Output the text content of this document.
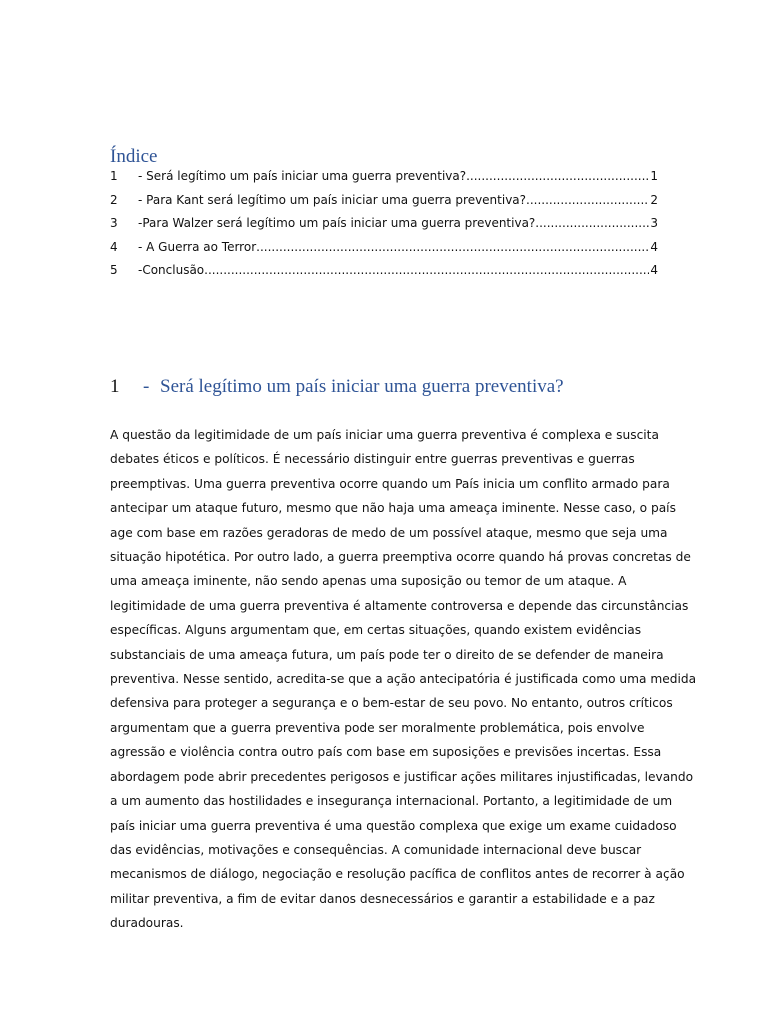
Índice
1	- Será legítimo um país iniciar uma guerra preventiva? .....	1
2	- Para Kant será legítimo um país iniciar uma guerra preventiva? .....	2
3	-Para Walzer será legítimo um país iniciar uma guerra preventiva? .....	3
4	- A Guerra ao Terror .....	4
5	-Conclusão .....	4
1 - Será legítimo um país iniciar uma guerra preventiva?
A questão da legitimidade de um país iniciar uma guerra preventiva é complexa e suscita
debates éticos e políticos. É necessário distinguir entre guerras preventivas e guerras
preemptivas. Uma guerra preventiva ocorre quando um País inicia um conflito armado para
antecipar um ataque futuro, mesmo que não haja uma ameaça iminente. Nesse caso, o país
age com base em razões geradoras de medo de um possível ataque, mesmo que seja uma
situação hipotética. Por outro lado, a guerra preemptiva ocorre quando há provas concretas de
uma ameaça iminente, não sendo apenas uma suposição ou temor de um ataque. A
legitimidade de uma guerra preventiva é altamente controversa e depende das circunstâncias
específicas. Alguns argumentam que, em certas situações, quando existem evidências
substanciais de uma ameaça futura, um país pode ter o direito de se defender de maneira
preventiva. Nesse sentido, acredita-se que a ação antecipatória é justificada como uma medida
defensiva para proteger a segurança e o bem-estar de seu povo. No entanto, outros críticos
argumentam que a guerra preventiva pode ser moralmente problemática, pois envolve
agressão e violência contra outro país com base em suposições e previsões incertas. Essa
abordagem pode abrir precedentes perigosos e justificar ações militares injustificadas, levando
a um aumento das hostilidades e insegurança internacional. Portanto, a legitimidade de um
país iniciar uma guerra preventiva é uma questão complexa que exige um exame cuidadoso
das evidências, motivações e consequências. A comunidade internacional deve buscar
mecanismos de diálogo, negociação e resolução pacífica de conflitos antes de recorrer à ação
militar preventiva, a fim de evitar danos desnecessários e garantir a estabilidade e a paz
duradouras.
